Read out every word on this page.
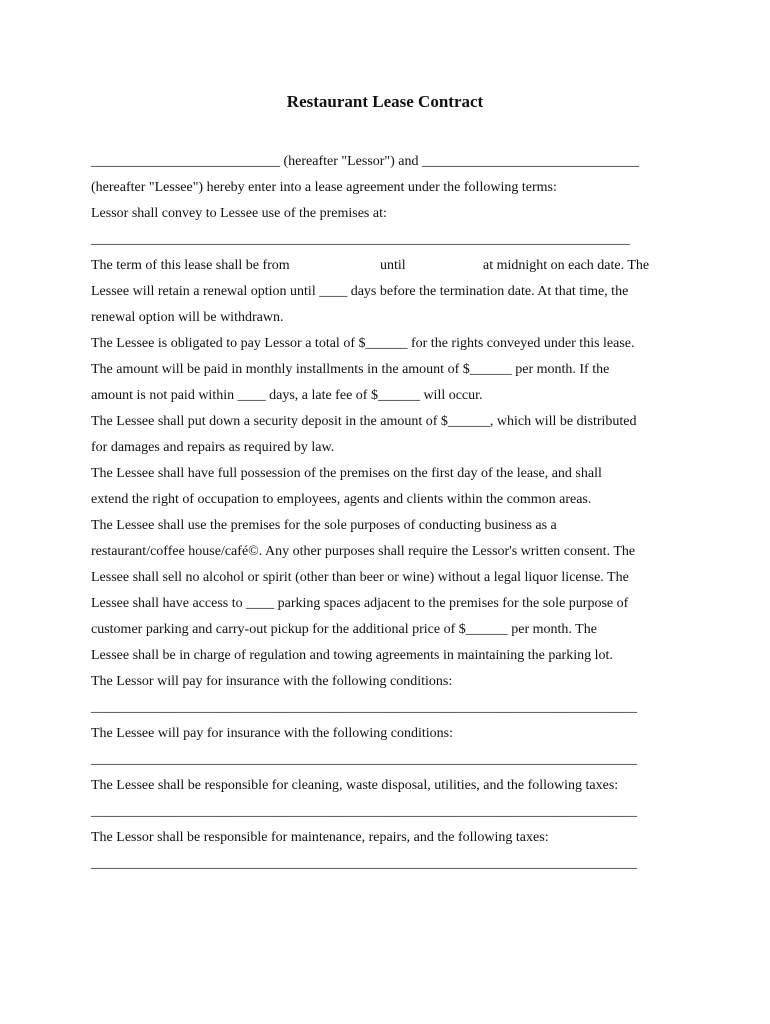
Restaurant Lease Contract
___________________________ (hereafter "Lessor") and _______________________________
(hereafter "Lessee") hereby enter into a lease agreement under the following terms:
Lessor shall convey to Lessee use of the premises at:
_____________________________________________________________________________
The term of this lease shall be from	until	at midnight on each date. The
Lessee will retain a renewal option until ____ days before the termination date. At that time, the
renewal option will be withdrawn.
The Lessee is obligated to pay Lessor a total of $______ for the rights conveyed under this lease.
The amount will be paid in monthly installments in the amount of $______ per month. If the
amount is not paid within ____ days, a late fee of $______ will occur.
The Lessee shall put down a security deposit in the amount of $______, which will be distributed
for damages and repairs as required by law.
The Lessee shall have full possession of the premises on the first day of the lease, and shall
extend the right of occupation to employees, agents and clients within the common areas.
The Lessee shall use the premises for the sole purposes of conducting business as a
restaurant/coffee house/café©. Any other purposes shall require the Lessor's written consent. The
Lessee shall sell no alcohol or spirit (other than beer or wine) without a legal liquor license. The
Lessee shall have access to ____ parking spaces adjacent to the premises for the sole purpose of
customer parking and carry-out pickup for the additional price of $______ per month. The
Lessee shall be in charge of regulation and towing agreements in maintaining the parking lot.
The Lessor will pay for insurance with the following conditions:
______________________________________________________________________________
The Lessee will pay for insurance with the following conditions:
______________________________________________________________________________
The Lessee shall be responsible for cleaning, waste disposal, utilities, and the following taxes:
______________________________________________________________________________
The Lessor shall be responsible for maintenance, repairs, and the following taxes:
______________________________________________________________________________
